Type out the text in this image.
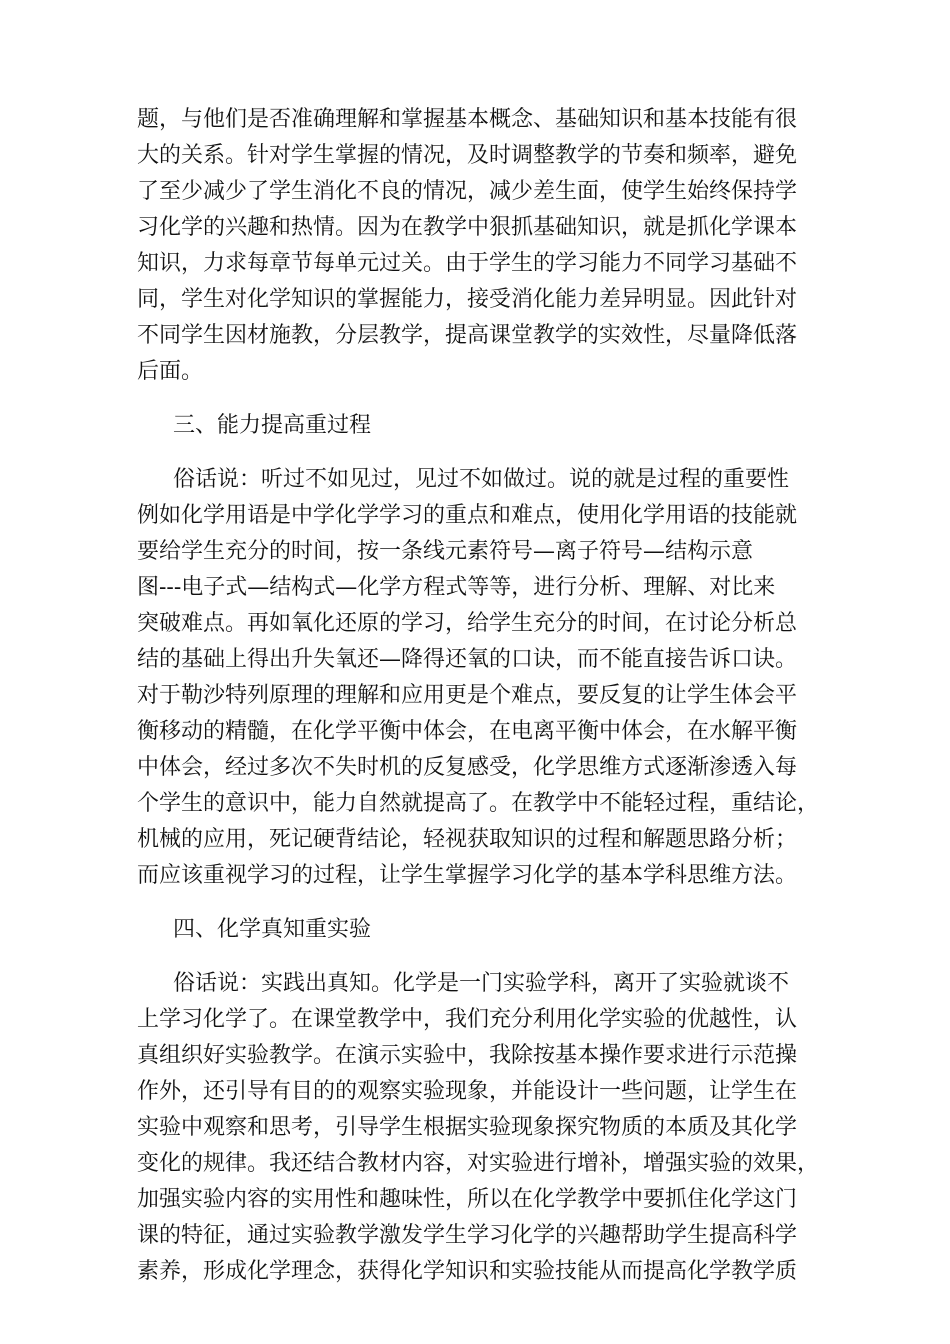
题，与他们是否准确理解和掌握基本概念、基础知识和基本技能有很
大的关系。针对学生掌握的情况，及时调整教学的节奏和频率，避免
了至少减少了学生消化不良的情况，减少差生面，使学生始终保持学
习化学的兴趣和热情。因为在教学中狠抓基础知识，就是抓化学课本
知识，力求每章节每单元过关。由于学生的学习能力不同学习基础不
同，学生对化学知识的掌握能力，接受消化能力差异明显。因此针对
不同学生因材施教，分层教学，提高课堂教学的实效性，尽量降低落
后面。
三、能力提高重过程
俗话说：听过不如见过，见过不如做过。说的就是过程的重要性
例如化学用语是中学化学学习的重点和难点，使用化学用语的技能就
要给学生充分的时间，按一条线元素符号—离子符号—结构示意
图---电子式—结构式—化学方程式等等，进行分析、理解、对比来
突破难点。再如氧化还原的学习，给学生充分的时间，在讨论分析总
结的基础上得出升失氧还—降得还氧的口诀，而不能直接告诉口诀。
对于勒沙特列原理的理解和应用更是个难点，要反复的让学生体会平
衡移动的精髓，在化学平衡中体会，在电离平衡中体会，在水解平衡
中体会，经过多次不失时机的反复感受，化学思维方式逐渐渗透入每
个学生的意识中，能力自然就提高了。在教学中不能轻过程，重结论，
机械的应用，死记硬背结论，轻视获取知识的过程和解题思路分析；
而应该重视学习的过程，让学生掌握学习化学的基本学科思维方法。
四、化学真知重实验
俗话说：实践出真知。化学是一门实验学科，离开了实验就谈不
上学习化学了。在课堂教学中，我们充分利用化学实验的优越性，认
真组织好实验教学。在演示实验中，我除按基本操作要求进行示范操
作外，还引导有目的的观察实验现象，并能设计一些问题，让学生在
实验中观察和思考，引导学生根据实验现象探究物质的本质及其化学
变化的规律。我还结合教材内容，对实验进行增补，增强实验的效果，
加强实验内容的实用性和趣味性，所以在化学教学中要抓住化学这门
课的特征，通过实验教学激发学生学习化学的兴趣帮助学生提高科学
素养，形成化学理念，获得化学知识和实验技能从而提高化学教学质
